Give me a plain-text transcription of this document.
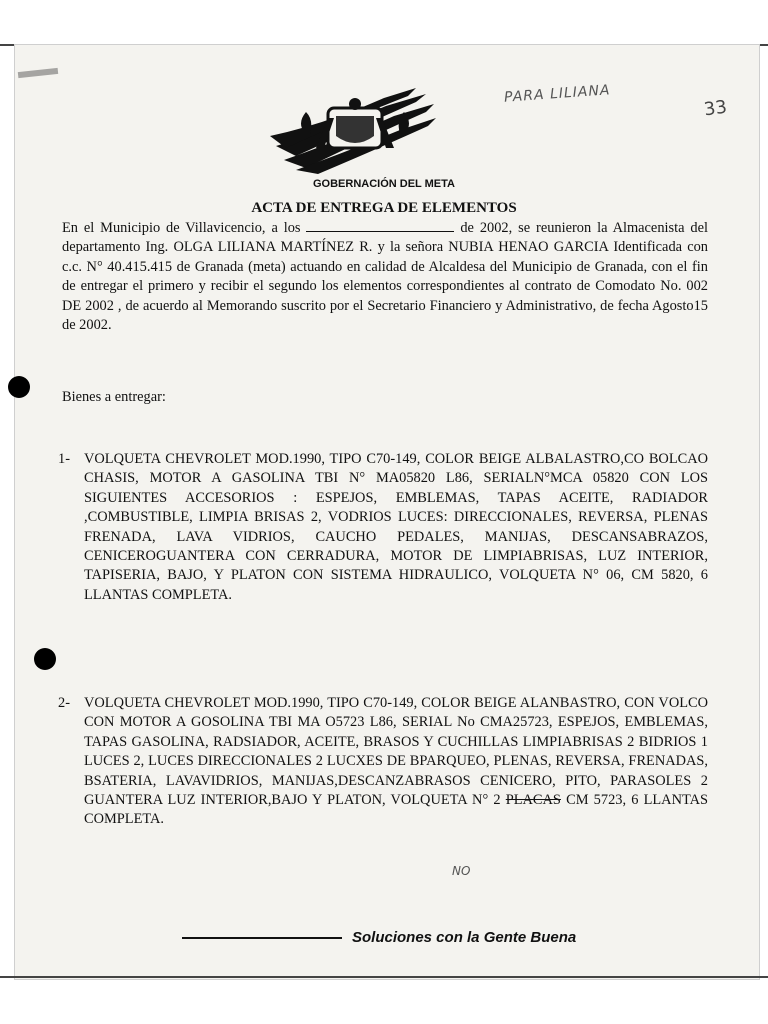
GOBERNACIÓN DEL META
PARA LILIANA
33
ACTA DE ENTREGA DE ELEMENTOS
En el Municipio de Villavicencio, a los	de 2002, se reunieron la Almacenista del departamento Ing. OLGA LILIANA MARTÍNEZ R. y la señora NUBIA HENAO GARCIA Identificada con c.c. N° 40.415.415 de Granada (meta) actuando en calidad de Alcaldesa del Municipio de Granada, con el fin de entregar el primero y recibir el segundo los elementos correspondientes al contrato de Comodato No. 002 DE 2002 , de acuerdo al Memorando suscrito por el Secretario Financiero y Administrativo, de fecha Agosto15 de 2002.
Bienes a entregar:
1- VOLQUETA CHEVROLET MOD.1990, TIPO C70-149, COLOR BEIGE ALBALASTRO,CO BOLCAO CHASIS, MOTOR A GASOLINA TBI N° MA05820 L86, SERIALN°MCA 05820 CON LOS SIGUIENTES ACCESORIOS : ESPEJOS, EMBLEMAS, TAPAS ACEITE, RADIADOR ,COMBUSTIBLE, LIMPIA BRISAS 2, VODRIOS LUCES: DIRECCIONALES, REVERSA, PLENAS FRENADA, LAVA VIDRIOS, CAUCHO PEDALES, MANIJAS, DESCANSABRAZOS, CENICEROGUANTERA CON CERRADURA, MOTOR DE LIMPIABRISAS, LUZ INTERIOR, TAPISERIA, BAJO, Y PLATON CON SISTEMA HIDRAULICO, VOLQUETA N° 06, CM 5820, 6 LLANTAS COMPLETA.
2- VOLQUETA CHEVROLET MOD.1990, TIPO C70-149, COLOR BEIGE ALANBASTRO, CON VOLCO CON MOTOR A GOSOLINA TBI MA O5723 L86, SERIAL No CMA25723, ESPEJOS, EMBLEMAS, TAPAS GASOLINA, RADSIADOR, ACEITE, BRASOS Y CUCHILLAS LIMPIABRISAS 2 BIDRIOS 1 LUCES 2, LUCES DIRECCIONALES 2 LUCXES DE BPARQUEO, PLENAS, REVERSA, FRENADAS, BSATERIA, LAVAVIDRIOS, MANIJAS,DESCANZABRASOS CENICERO, PITO, PARASOLES 2 GUANTERA LUZ INTERIOR,BAJO Y PLATON, VOLQUETA N° 2 PLACAS CM 5723, 6 LLANTAS COMPLETA.
NO
Soluciones con la Gente Buena
